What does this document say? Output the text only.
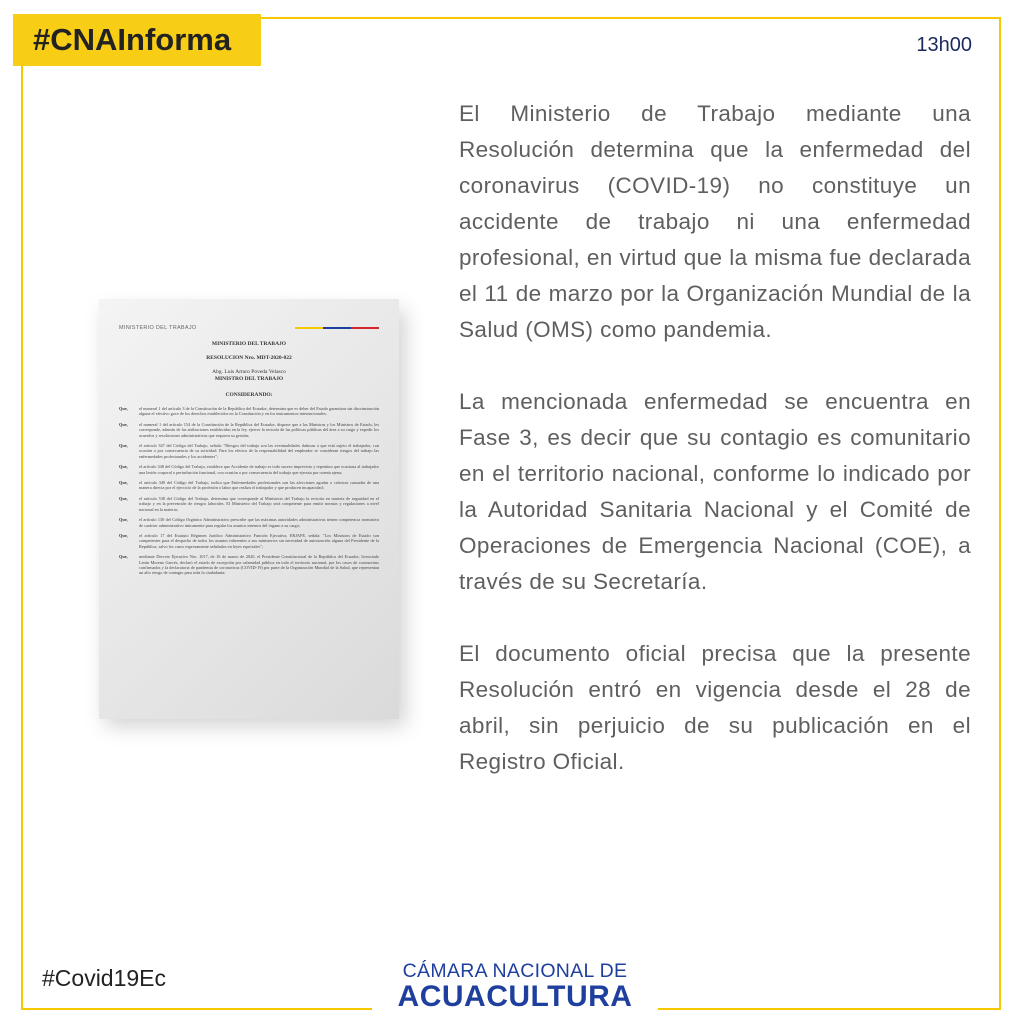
#CNAInforma	13h00
MINISTERIO DEL TRABAJO
MINISTERIO DEL TRABAJO
RESOLUCION Nro. MDT-2020-022
Abg. Luis Arturo Poveda Velasco
MINISTRO DEL TRABAJO
CONSIDERANDO:
Que,	el numeral 1 del artículo 3 de la Constitución de la República del Ecuador, determina que es deber del Estado garantizar sin discriminación alguna el efectivo goce de los derechos establecidos en la Constitución y en los instrumentos internacionales;
Que,	el numeral 1 del artículo 154 de la Constitución de la República del Ecuador, dispone que a las Ministras y los Ministros de Estado, les corresponde, además de las atribuciones establecidas en la ley, ejercer la rectoría de las políticas públicas del área a su cargo y expedir los acuerdos y resoluciones administrativas que requiera su gestión;
Que,	el artículo 347 del Código del Trabajo, señala: "Riesgos del trabajo son las eventualidades dañosas a que está sujeto el trabajador, con ocasión o por consecuencia de su actividad. Para los efectos de la responsabilidad del empleador se consideran riesgos del trabajo las enfermedades profesionales y los accidentes";
Que,	el artículo 348 del Código del Trabajo, establece que Accidente de trabajo es todo suceso imprevisto y repentino que ocasiona al trabajador una lesión corporal o perturbación funcional, con ocasión o por consecuencia del trabajo que ejecuta por cuenta ajena;
Que,	el artículo 349 del Código del Trabajo, indica que Enfermedades profesionales son las afecciones agudas o crónicas causadas de una manera directa por el ejercicio de la profesión o labor que realiza el trabajador y que producen incapacidad;
Que,	el artículo 538 del Código del Trabajo, determina que corresponde al Ministerio del Trabajo la rectoría en materia de seguridad en el trabajo y en la prevención de riesgos laborales. El Ministerio del Trabajo será competente para emitir normas y regulaciones a nivel nacional en la materia;
Que,	el artículo 130 del Código Orgánico Administrativo prescribe que las máximas autoridades administrativas tienen competencia normativa de carácter administrativo únicamente para regular los asuntos internos del órgano a su cargo;
Que,	el artículo 17 del Estatuto Régimen Jurídico Administrativo Función Ejecutiva, ERJAFE, señala: "Los Ministros de Estado son competentes para el despacho de todos los asuntos inherentes a sus ministerios sin necesidad de autorización alguna del Presidente de la República, salvo los casos expresamente señalados en leyes especiales";
Que,	mediante Decreto Ejecutivo Nro. 1017, de 16 de marzo de 2020, el Presidente Constitucional de la República del Ecuador, licenciado Lenín Moreno Garcés, declaró el estado de excepción por calamidad pública en todo el territorio nacional, por los casos de coronavirus confirmados y la declaratoria de pandemia de coronavirus (COVID-19) por parte de la Organización Mundial de la Salud, que representan un alto riesgo de contagio para toda la ciudadanía;

El Ministerio de Trabajo mediante una Resolución determina que la enfermedad del coronavirus (COVID-19) no constituye un accidente de trabajo ni una enfermedad profesional, en virtud que la misma fue declarada el 11 de marzo por la Organización Mundial de la Salud (OMS) como pandemia.

La mencionada enfermedad se encuentra en Fase 3, es decir que su contagio es comunitario en el territorio nacional, conforme lo indicado por la Autoridad Sanitaria Nacional y el Comité de Operaciones de Emergencia Nacional (COE), a través de su Secretaría.

El documento oficial precisa que la presente Resolución entró en vigencia desde el 28 de abril, sin perjuicio de su publicación en el Registro Oficial.

#Covid19Ec	CÁMARA NACIONAL DE
ACUACULTURA
